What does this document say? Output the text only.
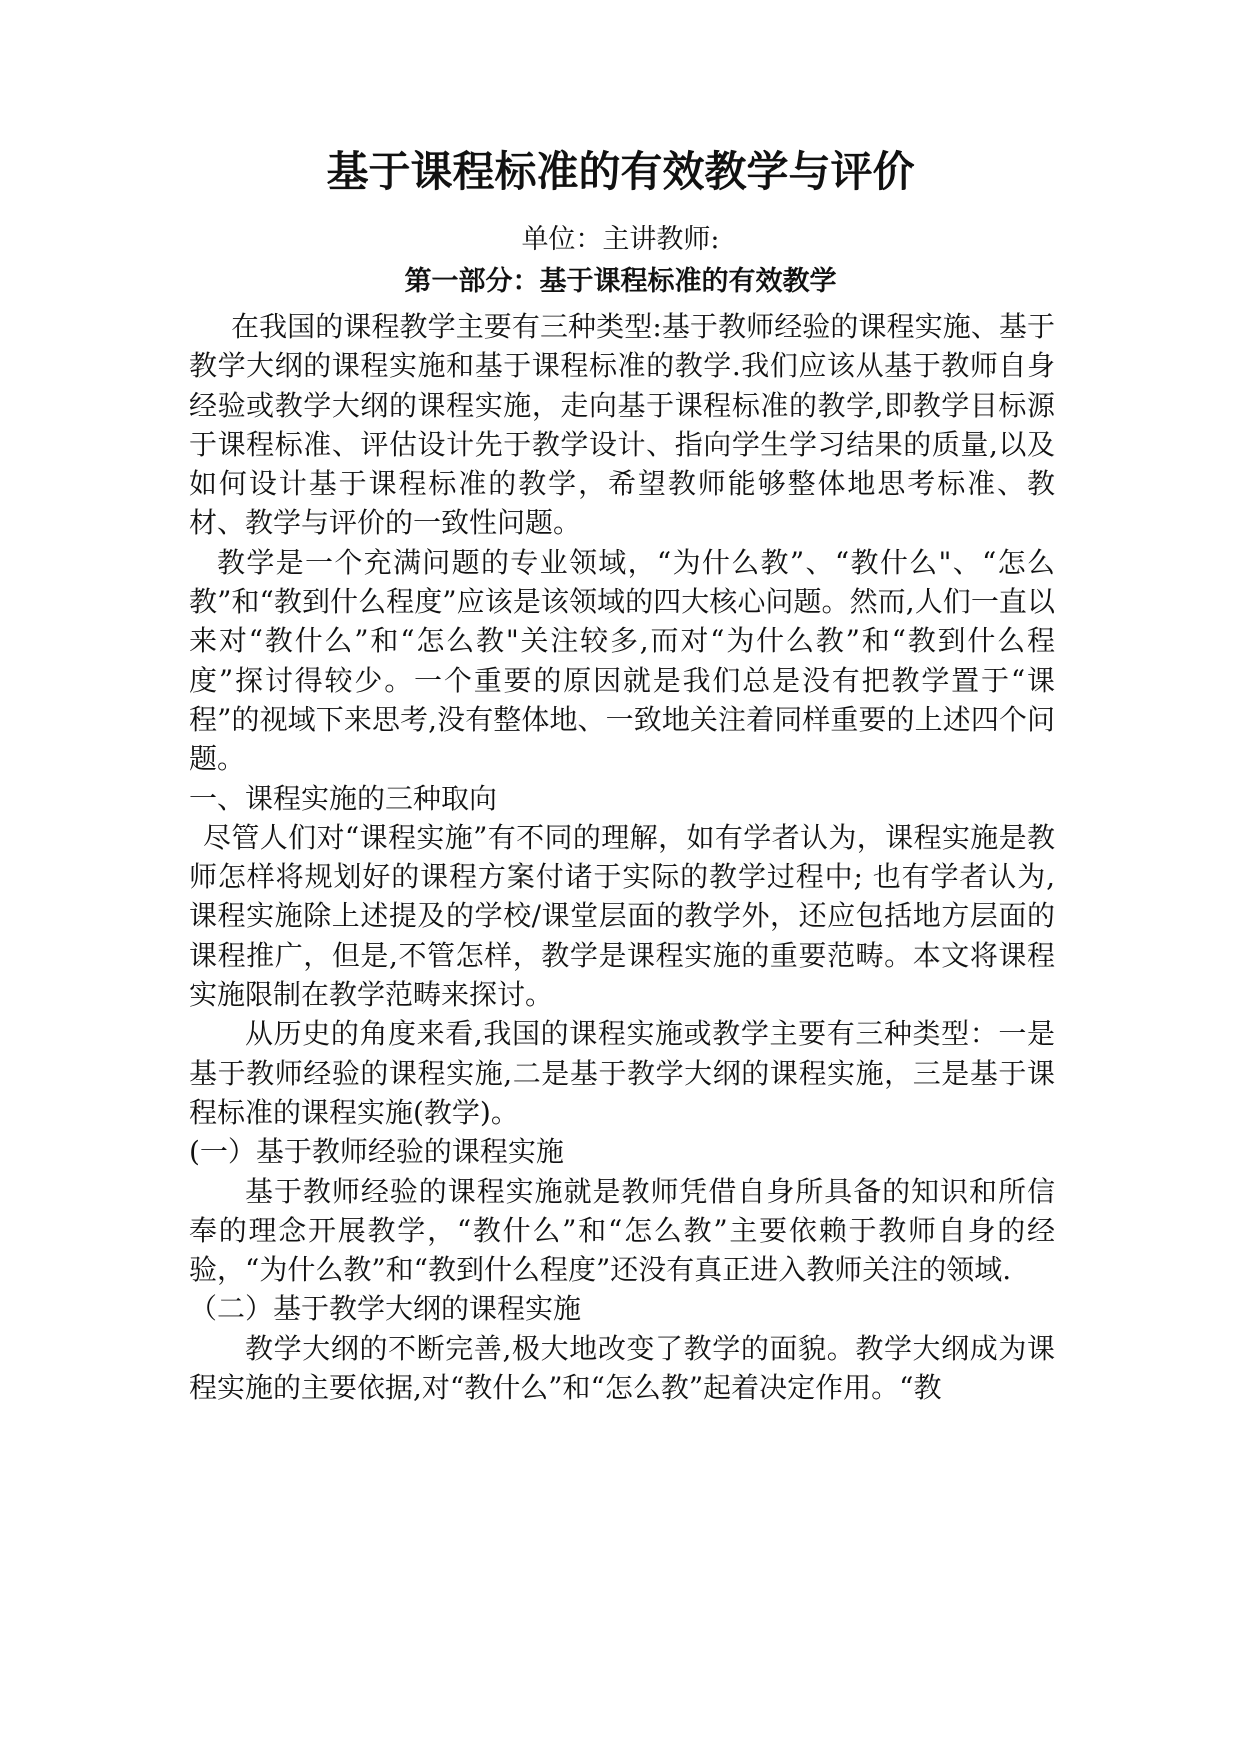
基于课程标准的有效教学与评价
单位：主讲教师:
第一部分：基于课程标准的有效教学

在我国的课程教学主要有三种类型:基于教师经验的课程实施、基于教学大纲的课程实施和基于课程标准的教学.我们应该从基于教师自身经验或教学大纲的课程实施，走向基于课程标准的教学,即教学目标源于课程标准、评估设计先于教学设计、指向学生学习结果的质量,以及如何设计基于课程标准的教学，希望教师能够整体地思考标准、教材、教学与评价的一致性问题。

教学是一个充满问题的专业领域，“为什么教”、“教什么"、“怎么教”和“教到什么程度”应该是该领域的四大核心问题。然而,人们一直以来对“教什么”和“怎么教"关注较多,而对“为什么教”和“教到什么程度”探讨得较少。一个重要的原因就是我们总是没有把教学置于“课程”的视域下来思考,没有整体地、一致地关注着同样重要的上述四个问题。

一、课程实施的三种取向

尽管人们对“课程实施”有不同的理解，如有学者认为，课程实施是教师怎样将规划好的课程方案付诸于实际的教学过程中; 也有学者认为,课程实施除上述提及的学校/课堂层面的教学外，还应包括地方层面的课程推广，但是,不管怎样，教学是课程实施的重要范畴。本文将课程实施限制在教学范畴来探讨。

从历史的角度来看,我国的课程实施或教学主要有三种类型：一是基于教师经验的课程实施,二是基于教学大纲的课程实施，三是基于课程标准的课程实施(教学)。

(一）基于教师经验的课程实施

基于教师经验的课程实施就是教师凭借自身所具备的知识和所信奉的理念开展教学，“教什么”和“怎么教”主要依赖于教师自身的经验，“为什么教”和“教到什么程度”还没有真正进入教师关注的领域.

（二）基于教学大纲的课程实施

教学大纲的不断完善,极大地改变了教学的面貌。教学大纲成为课程实施的主要依据,对“教什么”和“怎么教”起着决定作用。“教
